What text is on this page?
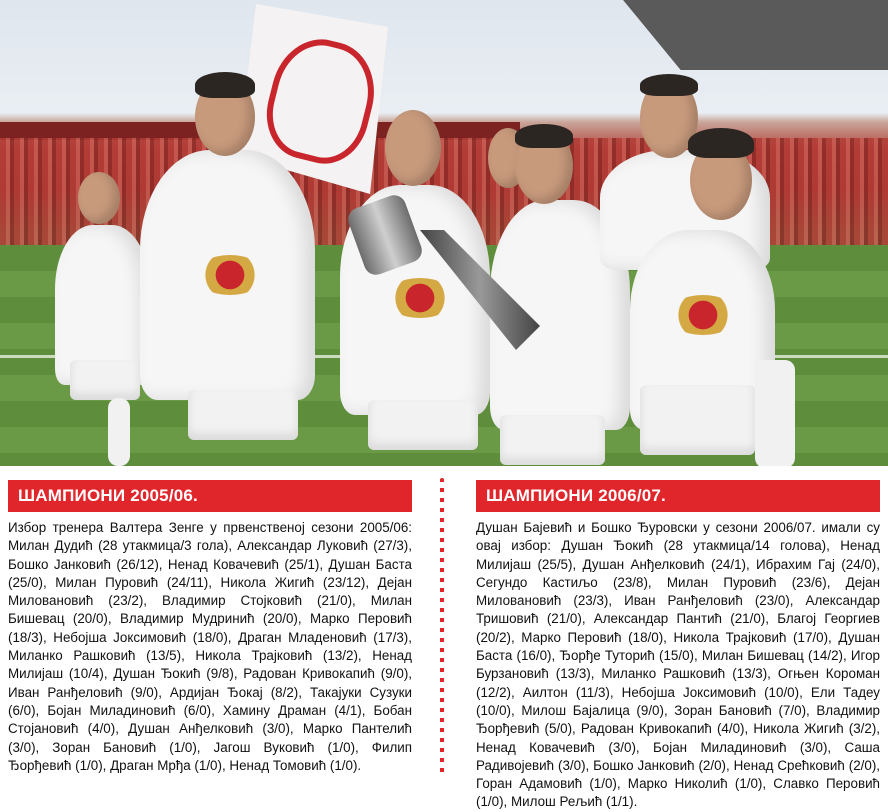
ШАМПИОНИ 2005/06.
Избор тренера Валтера Зенге у првенственој сезони 2005/06: Милан Дудић (28 утакмица/3 гола), Александар Луковић (27/3), Бошко Јанковић (26/12), Ненад Ковачевић (25/1), Душан Баста (25/0), Милан Пуровић (24/11), Никола Жигић (23/12), Дејан Миловановић (23/2), Владимир Стојковић (21/0), Милан Бишевац (20/0), Владимир Мудринић (20/0), Марко Перовић (18/3), Небојша Јоксимовић (18/0), Драган Младеновић (17/3), Миланко Рашковић (13/5), Никола Трајковић (13/2), Ненад Милијаш (10/4), Душан Ђокић (9/8), Радован Кривокапић (9/0), Иван Ранђеловић (9/0), Ардијан Ђокај (8/2), Такајуки Сузуки (6/0), Бојан Миладиновић (6/0), Хамину Драман (4/1), Бобан Стојановић (4/0), Душан Анђелковић (3/0), Марко Пантелић (3/0), Зоран Бановић (1/0), Јагош Вуковић (1/0), Филип Ђорђевић (1/0), Драган Мрђа (1/0), Ненад Томовић (1/0).
ШАМПИОНИ 2006/07.
Душан Бајевић и Бошко Ђуровски у сезони 2006/07. имали су овај избор: Душан Ђокић (28 утакмица/14 голова), Ненад Милијаш (25/5), Душан Анђелковић (24/1), Ибрахим Гај (24/0), Сегундо Кастиљо (23/8), Милан Пуровић (23/6), Дејан Миловановић (23/3), Иван Ранђеловић (23/0), Александар Тришовић (21/0), Александар Пантић (21/0), Благој Георгиев (20/2), Марко Перовић (18/0), Никола Трајковић (17/0), Душан Баста (16/0), Ђорђе Туторић (15/0), Милан Бишевац (14/2), Игор Бурзановић (13/3), Миланко Рашковић (13/3), Огњен Короман (12/2), Аилтон (11/3), Небојша Јоксимовић (10/0), Ели Тадеу (10/0), Милош Бајалица (9/0), Зоран Бановић (7/0), Владимир Ђорђевић (5/0), Радован Кривокапић (4/0), Никола Жигић (3/2), Ненад Ковачевић (3/0), Бојан Миладиновић (3/0), Саша Радивојевић (3/0), Бошко Јанковић (2/0), Ненад Срећковић (2/0), Горан Адамовић (1/0), Марко Николић (1/0), Славко Перовић (1/0), Милош Рељић (1/1).
